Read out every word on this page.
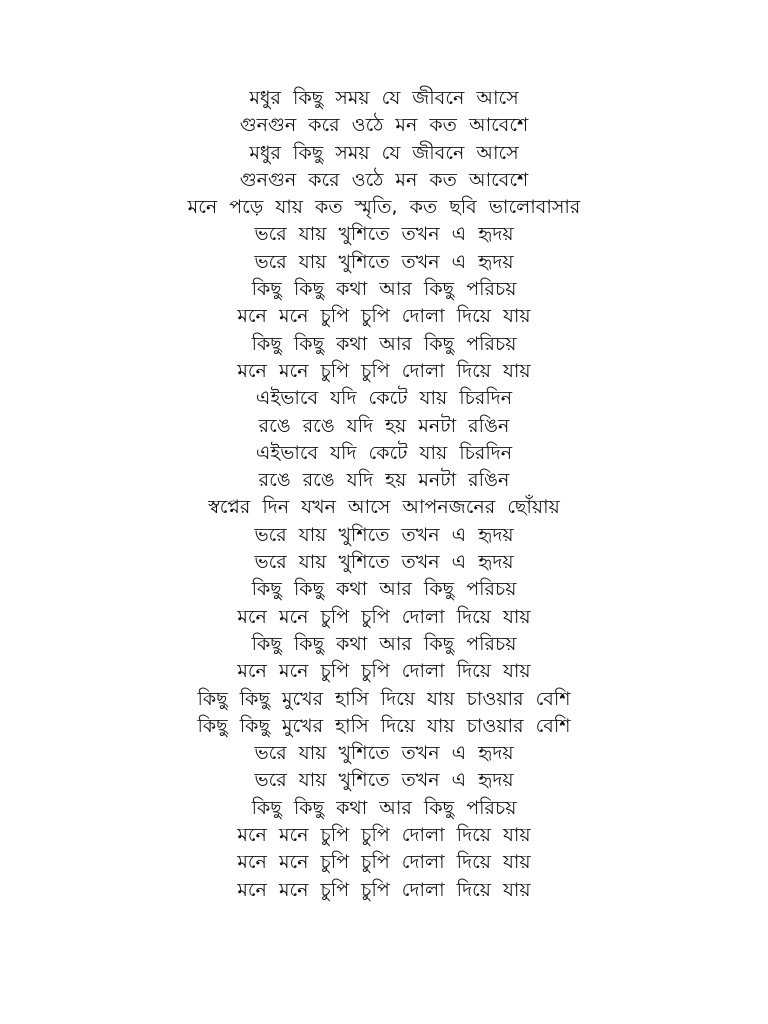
মধুর কিছু সময় যে জীবনে আসে
গুনগুন করে ওঠে মন কত আবেশে
মধুর কিছু সময় যে জীবনে আসে
গুনগুন করে ওঠে মন কত আবেশে
মনে পড়ে যায় কত স্মৃতি, কত ছবি ভালোবাসার
ভরে যায় খুশিতে তখন এ হৃদয়
ভরে যায় খুশিতে তখন এ হৃদয়
কিছু কিছু কথা আর কিছু পরিচয়
মনে মনে চুপি চুপি দোলা দিয়ে যায়
কিছু কিছু কথা আর কিছু পরিচয়
মনে মনে চুপি চুপি দোলা দিয়ে যায়
এইভাবে যদি কেটে যায় চিরদিন
রঙে রঙে যদি হয় মনটা রঙিন
এইভাবে যদি কেটে যায় চিরদিন
রঙে রঙে যদি হয় মনটা রঙিন
স্বপ্নের দিন যখন আসে আপনজনের ছোঁয়ায়
ভরে যায় খুশিতে তখন এ হৃদয়
ভরে যায় খুশিতে তখন এ হৃদয়
কিছু কিছু কথা আর কিছু পরিচয়
মনে মনে চুপি চুপি দোলা দিয়ে যায়
কিছু কিছু কথা আর কিছু পরিচয়
মনে মনে চুপি চুপি দোলা দিয়ে যায়
কিছু কিছু মুখের হাসি দিয়ে যায় চাওয়ার বেশি
কিছু কিছু মুখের হাসি দিয়ে যায় চাওয়ার বেশি
ভরে যায় খুশিতে তখন এ হৃদয়
ভরে যায় খুশিতে তখন এ হৃদয়
কিছু কিছু কথা আর কিছু পরিচয়
মনে মনে চুপি চুপি দোলা দিয়ে যায়
মনে মনে চুপি চুপি দোলা দিয়ে যায়
মনে মনে চুপি চুপি দোলা দিয়ে যায়
